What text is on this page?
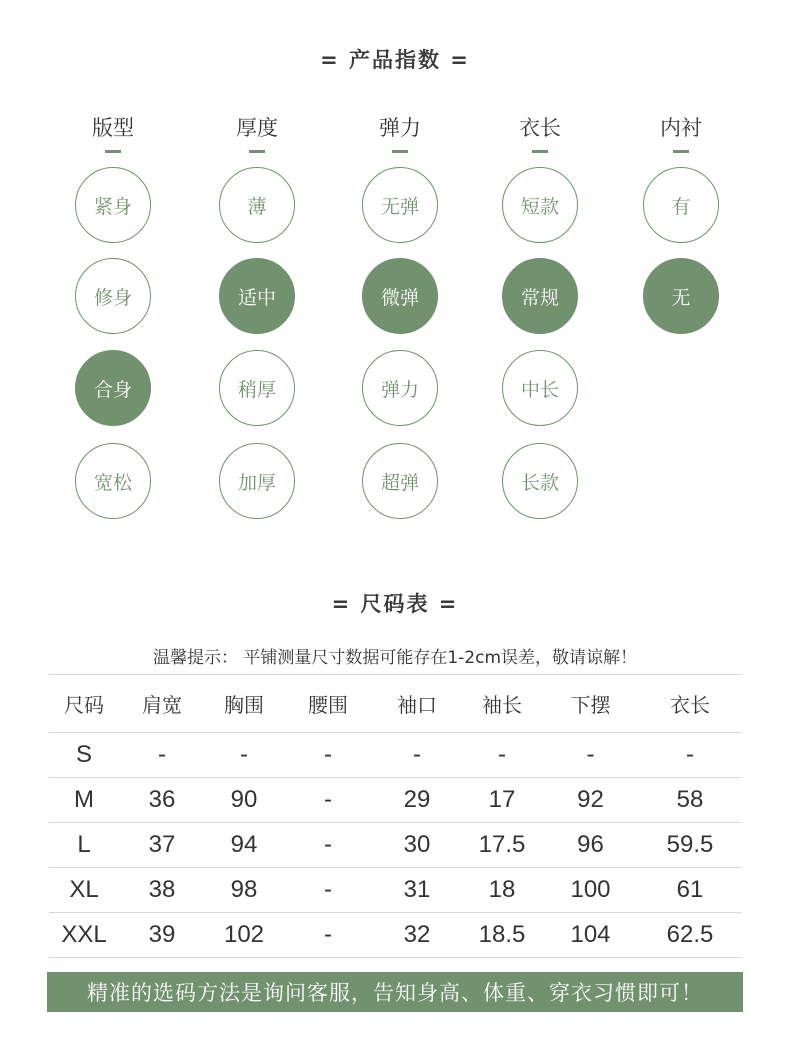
= 产品指数 =
版型
紧身
修身
合身
宽松
厚度
薄
适中
稍厚
加厚
弹力
无弹
微弹
弹力
超弹
衣长
短款
常规
中长
长款
内衬
有
无
= 尺码表 =
温馨提示： 平铺测量尺寸数据可能存在1-2cm误差，敬请谅解！
尺码	肩宽	胸围	腰围	袖口	袖长	下摆	衣长
S	-	-	-	-	-	-	-
M	36	90	-	29	17	92	58
L	37	94	-	30	17.5	96	59.5
XL	38	98	-	31	18	100	61
XXL	39	102	-	32	18.5	104	62.5
精准的选码方法是询问客服，告知身高、体重、穿衣习惯即可！
